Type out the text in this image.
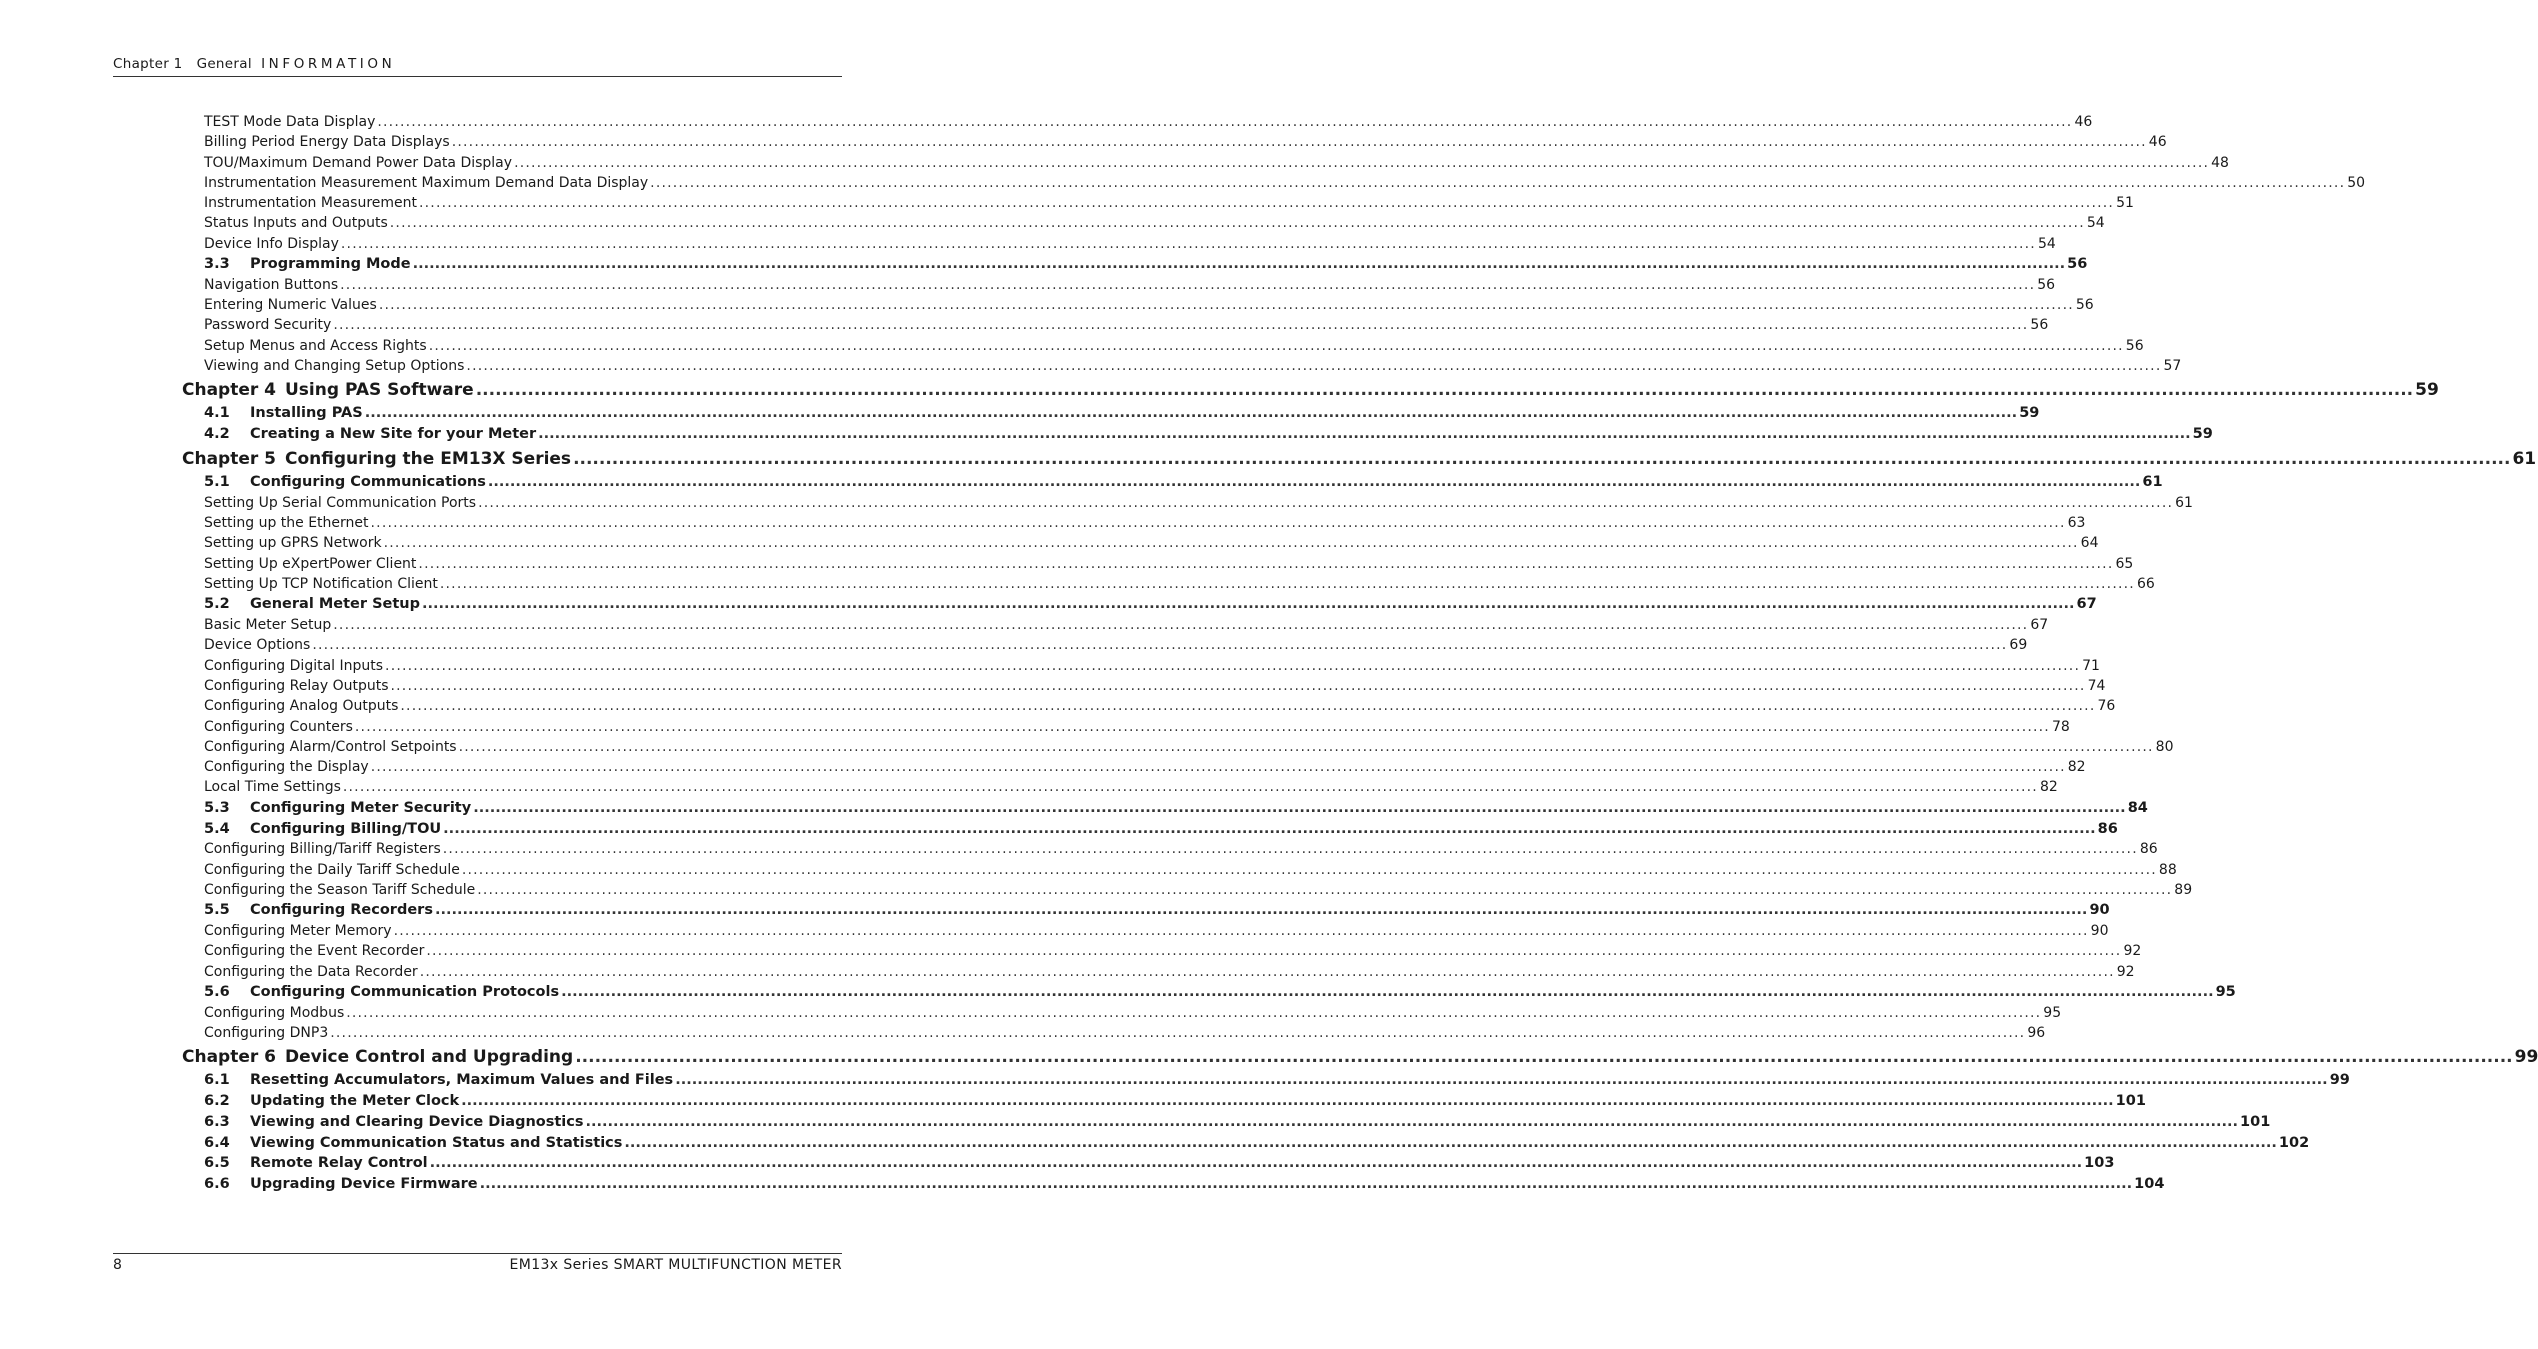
Chapter 1 General INFORMATION
TEST Mode Data Display ............................................................................................................................................................................................................................................................................................................ 46
Billing Period Energy Data Displays ............................................................................................................................................................................................................................................................................................................ 46
TOU/Maximum Demand Power Data Display ............................................................................................................................................................................................................................................................................................................ 48
Instrumentation Measurement Maximum Demand Data Display ............................................................................................................................................................................................................................................................................................................ 50
Instrumentation Measurement ............................................................................................................................................................................................................................................................................................................ 51
Status Inputs and Outputs ............................................................................................................................................................................................................................................................................................................ 54
Device Info Display ............................................................................................................................................................................................................................................................................................................ 54
3.3 Programming Mode ............................................................................................................................................................................................................................................................................................................ 56
Navigation Buttons ............................................................................................................................................................................................................................................................................................................ 56
Entering Numeric Values ............................................................................................................................................................................................................................................................................................................ 56
Password Security ............................................................................................................................................................................................................................................................................................................ 56
Setup Menus and Access Rights ............................................................................................................................................................................................................................................................................................................ 56
Viewing and Changing Setup Options ............................................................................................................................................................................................................................................................................................................ 57
Chapter 4 Using PAS Software ............................................................................................................................................................................................................................................................................................................ 59
4.1 Installing PAS ............................................................................................................................................................................................................................................................................................................ 59
4.2 Creating a New Site for your Meter ............................................................................................................................................................................................................................................................................................................ 59
Chapter 5 Configuring the EM13X Series ............................................................................................................................................................................................................................................................................................................ 61
5.1 Configuring Communications ............................................................................................................................................................................................................................................................................................................ 61
Setting Up Serial Communication Ports ............................................................................................................................................................................................................................................................................................................ 61
Setting up the Ethernet ............................................................................................................................................................................................................................................................................................................ 63
Setting up GPRS Network ............................................................................................................................................................................................................................................................................................................ 64
Setting Up eXpertPower Client ............................................................................................................................................................................................................................................................................................................ 65
Setting Up TCP Notification Client ............................................................................................................................................................................................................................................................................................................ 66
5.2 General Meter Setup ............................................................................................................................................................................................................................................................................................................ 67
Basic Meter Setup ............................................................................................................................................................................................................................................................................................................ 67
Device Options ............................................................................................................................................................................................................................................................................................................ 69
Configuring Digital Inputs ............................................................................................................................................................................................................................................................................................................ 71
Configuring Relay Outputs ............................................................................................................................................................................................................................................................................................................ 74
Configuring Analog Outputs ............................................................................................................................................................................................................................................................................................................ 76
Configuring Counters ............................................................................................................................................................................................................................................................................................................ 78
Configuring Alarm/Control Setpoints ............................................................................................................................................................................................................................................................................................................ 80
Configuring the Display ............................................................................................................................................................................................................................................................................................................ 82
Local Time Settings ............................................................................................................................................................................................................................................................................................................ 82
5.3 Configuring Meter Security ............................................................................................................................................................................................................................................................................................................ 84
5.4 Configuring Billing/TOU ............................................................................................................................................................................................................................................................................................................ 86
Configuring Billing/Tariff Registers ............................................................................................................................................................................................................................................................................................................ 86
Configuring the Daily Tariff Schedule ............................................................................................................................................................................................................................................................................................................ 88
Configuring the Season Tariff Schedule ............................................................................................................................................................................................................................................................................................................ 89
5.5 Configuring Recorders ............................................................................................................................................................................................................................................................................................................ 90
Configuring Meter Memory ............................................................................................................................................................................................................................................................................................................ 90
Configuring the Event Recorder ............................................................................................................................................................................................................................................................................................................ 92
Configuring the Data Recorder ............................................................................................................................................................................................................................................................................................................ 92
5.6 Configuring Communication Protocols ............................................................................................................................................................................................................................................................................................................ 95
Configuring Modbus ............................................................................................................................................................................................................................................................................................................ 95
Configuring DNP3 ............................................................................................................................................................................................................................................................................................................ 96
Chapter 6 Device Control and Upgrading ............................................................................................................................................................................................................................................................................................................ 99
6.1 Resetting Accumulators, Maximum Values and Files ............................................................................................................................................................................................................................................................................................................ 99
6.2 Updating the Meter Clock ............................................................................................................................................................................................................................................................................................................ 101
6.3 Viewing and Clearing Device Diagnostics ............................................................................................................................................................................................................................................................................................................ 101
6.4 Viewing Communication Status and Statistics ............................................................................................................................................................................................................................................................................................................ 102
6.5 Remote Relay Control ............................................................................................................................................................................................................................................................................................................ 103
6.6 Upgrading Device Firmware ............................................................................................................................................................................................................................................................................................................ 104
8	EM13x Series SMART MULTIFUNCTION METER
